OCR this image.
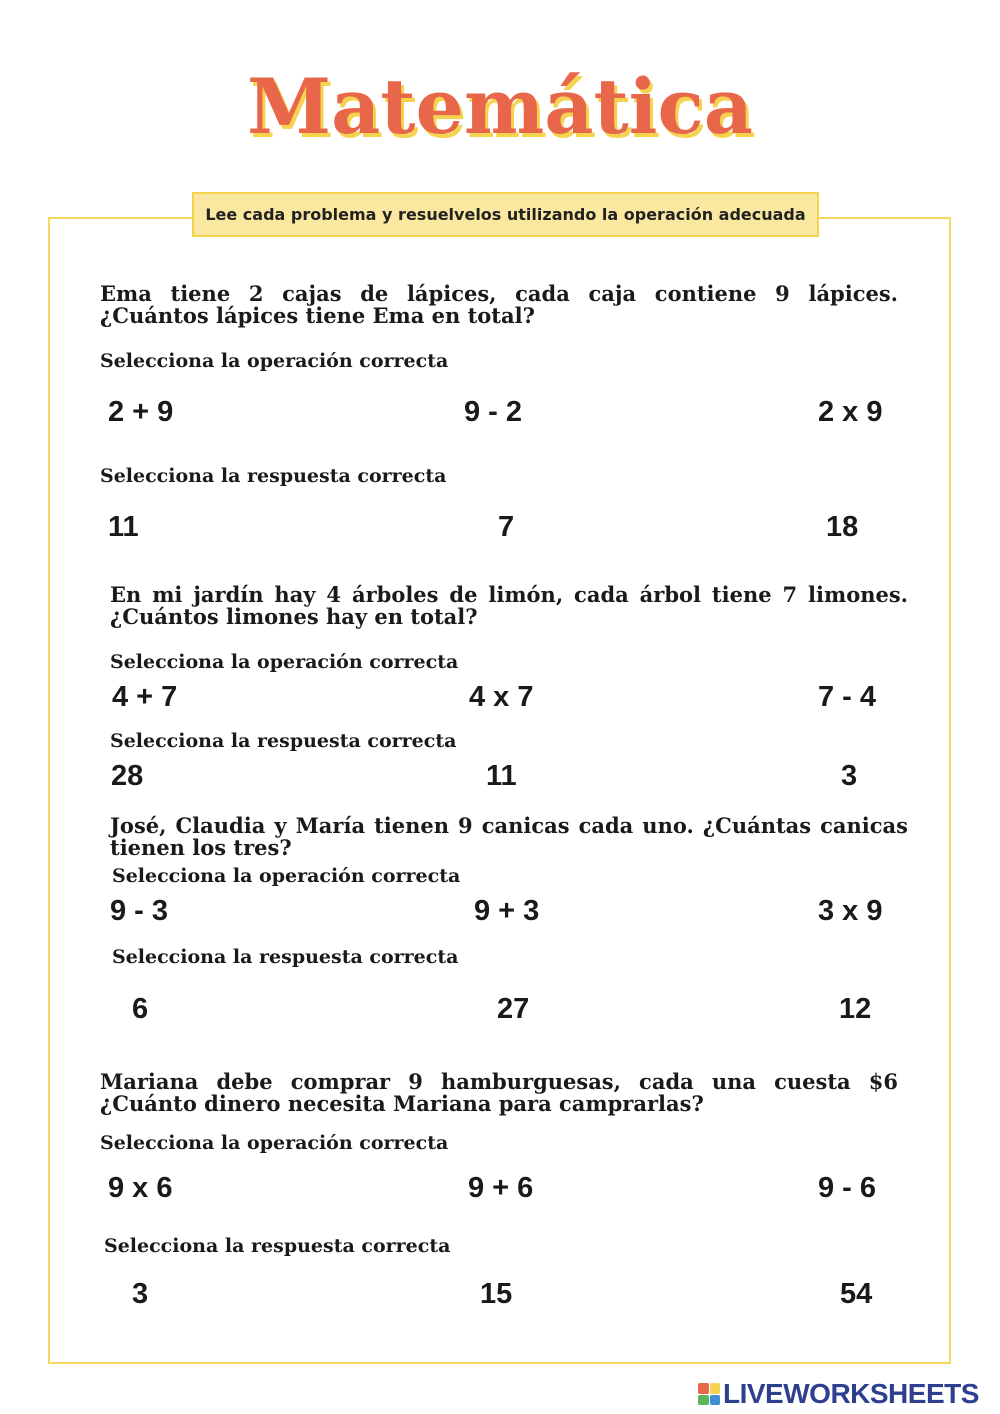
Matemática
Lee cada problema y resuelvelos utilizando la operación adecuada
Ema tiene 2 cajas de lápices, cada caja contiene 9 lápices. ¿Cuántos lápices tiene Ema en total?
Selecciona la operación correcta
2 + 9	9 - 2	2 x 9
Selecciona la respuesta correcta
11	7	18
En mi jardín hay 4 árboles de limón, cada árbol tiene 7 limones. ¿Cuántos limones hay en total?
Selecciona la operación correcta
4 + 7	4 x 7	7 - 4
Selecciona la respuesta correcta
28	11	3
José, Claudia y María tienen 9 canicas cada uno. ¿Cuántas canicas tienen los tres?
Selecciona la operación correcta
9 - 3	9 + 3	3 x 9
Selecciona la respuesta correcta
6	27	12
Mariana debe comprar 9 hamburguesas, cada una cuesta $6 ¿Cuánto dinero necesita Mariana para camprarlas?
Selecciona la operación correcta
9 x 6	9 + 6	9 - 6
Selecciona la respuesta correcta
3	15	54
LIVEWORKSHEETS
